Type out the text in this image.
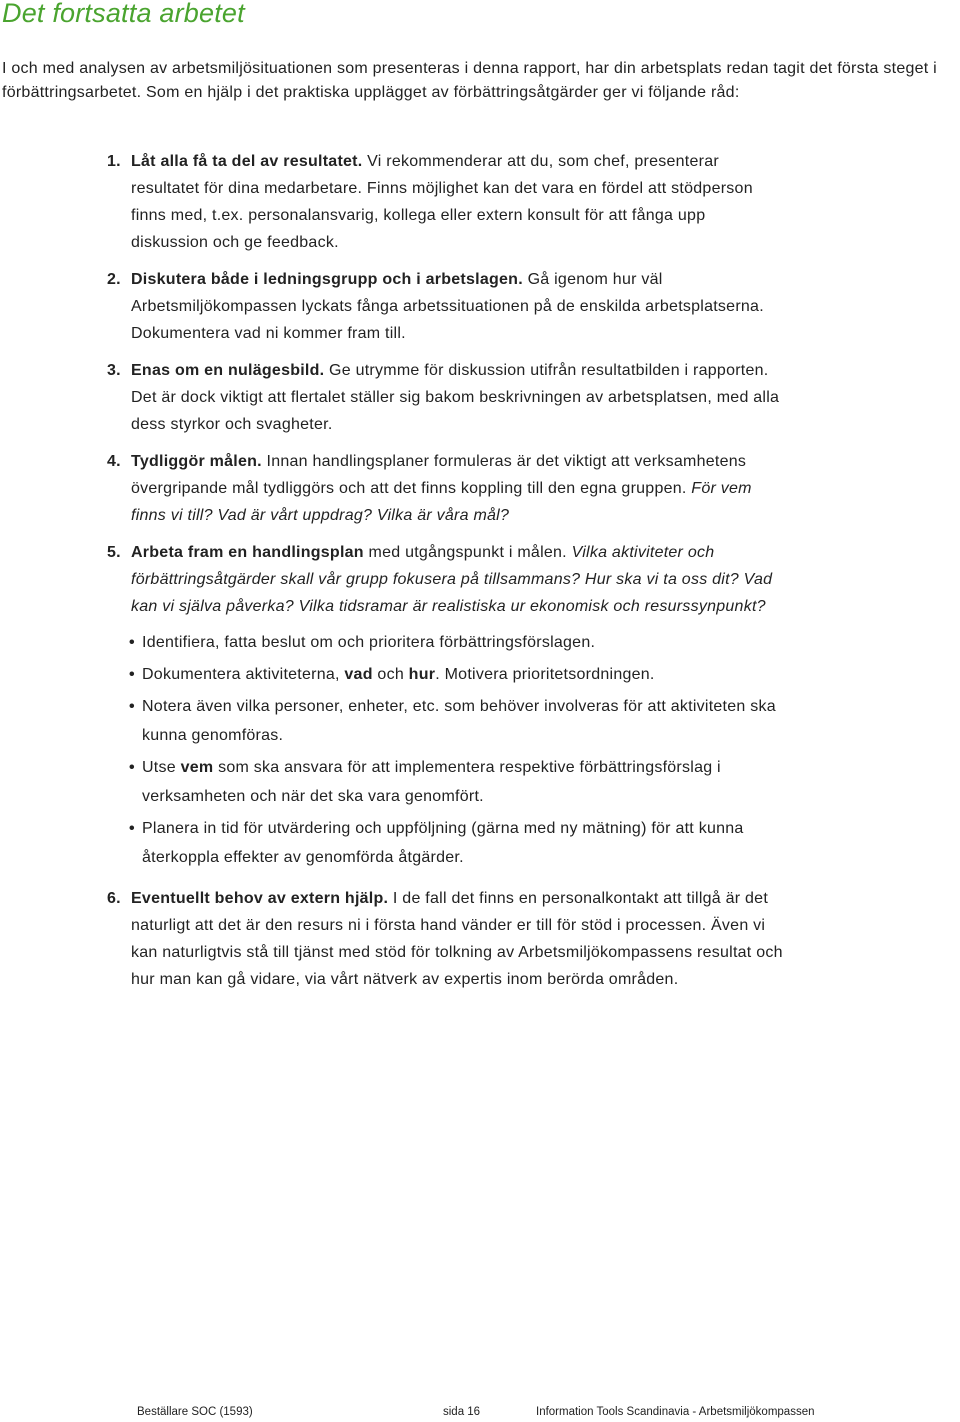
Det fortsatta arbetet

I och med analysen av arbetsmiljösituationen som presenteras i denna rapport, har din arbetsplats redan tagit det första steget i förbättringsarbetet. Som en hjälp i det praktiska upplägget av förbättringsåtgärder ger vi följande råd:

1. Låt alla få ta del av resultatet. Vi rekommenderar att du, som chef, presenterar resultatet för dina medarbetare. Finns möjlighet kan det vara en fördel att stödperson finns med, t.ex. personalansvarig, kollega eller extern konsult för att fånga upp diskussion och ge feedback.
2. Diskutera både i ledningsgrupp och i arbetslagen. Gå igenom hur väl Arbetsmiljökompassen lyckats fånga arbetssituationen på de enskilda arbetsplatserna. Dokumentera vad ni kommer fram till.
3. Enas om en nulägesbild. Ge utrymme för diskussion utifrån resultatbilden i rapporten. Det är dock viktigt att flertalet ställer sig bakom beskrivningen av arbetsplatsen, med alla dess styrkor och svagheter.
4. Tydliggör målen. Innan handlingsplaner formuleras är det viktigt att verksamhetens övergripande mål tydliggörs och att det finns koppling till den egna gruppen. För vem finns vi till? Vad är vårt uppdrag? Vilka är våra mål?
5. Arbeta fram en handlingsplan med utgångspunkt i målen. Vilka aktiviteter och förbättringsåtgärder skall vår grupp fokusera på tillsammans? Hur ska vi ta oss dit? Vad kan vi själva påverka? Vilka tidsramar är realistiska ur ekonomisk och resurssynpunkt?
• Identifiera, fatta beslut om och prioritera förbättringsförslagen.
• Dokumentera aktiviteterna, vad och hur. Motivera prioritetsordningen.
• Notera även vilka personer, enheter, etc. som behöver involveras för att aktiviteten ska kunna genomföras.
• Utse vem som ska ansvara för att implementera respektive förbättringsförslag i verksamheten och när det ska vara genomfört.
• Planera in tid för utvärdering och uppföljning (gärna med ny mätning) för att kunna återkoppla effekter av genomförda åtgärder.
6. Eventuellt behov av extern hjälp. I de fall det finns en personalkontakt att tillgå är det naturligt att det är den resurs ni i första hand vänder er till för stöd i processen. Även vi kan naturligtvis stå till tjänst med stöd för tolkning av Arbetsmiljökompassens resultat och hur man kan gå vidare, via vårt nätverk av expertis inom berörda områden.
Beställare SOC (1593)	sida 16	Information Tools Scandinavia - Arbetsmiljökompassen
